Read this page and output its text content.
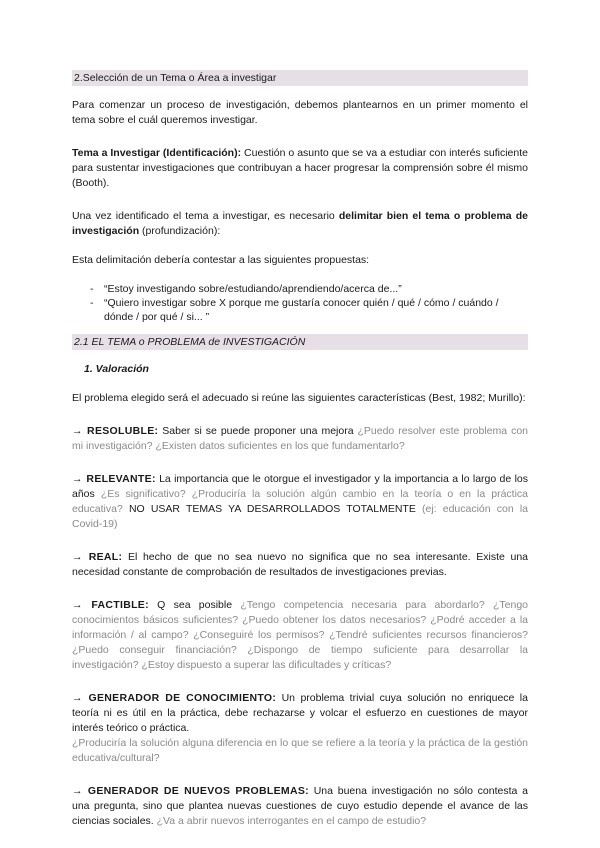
2.Selección de un Tema o Área a investigar

Para comenzar un proceso de investigación, debemos plantearnos en un primer momento el tema sobre el cuál queremos investigar.

Tema a Investigar (Identificación): Cuestión o asunto que se va a estudiar con interés suficiente para sustentar investigaciones que contribuyan a hacer progresar la comprensión sobre él mismo (Booth).

Una vez identificado el tema a investigar, es necesario delimitar bien el tema o problema de investigación (profundización):

Esta delimitación debería contestar a las siguientes propuestas:

- “Estoy investigando sobre/estudiando/aprendiendo/acerca de...”
- “Quiero investigar sobre X porque me gustaría conocer quién / qué / cómo / cuándo / dónde / por qué / si... ”
2.1 EL TEMA o PROBLEMA de INVESTIGACIÓN

1. Valoración

El problema elegido será el adecuado si reúne las siguientes características (Best, 1982; Murillo):

→ RESOLUBLE: Saber si se puede proponer una mejora ¿Puedo resolver este problema con mi investigación? ¿Existen datos suficientes en los que fundamentarlo?

→ RELEVANTE: La importancia que le otorgue el investigador y la importancia a lo largo de los años ¿Es significativo? ¿Produciría la solución algún cambio en la teoría o en la práctica educativa? NO USAR TEMAS YA DESARROLLADOS TOTALMENTE (ej: educación con la Covid-19)

→ REAL: El hecho de que no sea nuevo no significa que no sea interesante. Existe una necesidad constante de comprobación de resultados de investigaciones previas.

→ FACTIBLE: Q sea posible ¿Tengo competencia necesaria para abordarlo? ¿Tengo conocimientos básicos suficientes? ¿Puedo obtener los datos necesarios? ¿Podré acceder a la información / al campo? ¿Conseguiré los permisos? ¿Tendré suficientes recursos financieros? ¿Puedo conseguir financiación? ¿Dispongo de tiempo suficiente para desarrollar la investigación? ¿Estoy dispuesto a superar las dificultades y críticas?

→ GENERADOR DE CONOCIMIENTO: Un problema trivial cuya solución no enriquece la teoría ni es útil en la práctica, debe rechazarse y volcar el esfuerzo en cuestiones de mayor interés teórico o práctica.

¿Produciría la solución alguna diferencia en lo que se refiere a la teoría y la práctica de la gestión educativa/cultural?

→ GENERADOR DE NUEVOS PROBLEMAS: Una buena investigación no sólo contesta a una pregunta, sino que plantea nuevas cuestiones de cuyo estudio depende el avance de las ciencias sociales. ¿Va a abrir nuevos interrogantes en el campo de estudio?
